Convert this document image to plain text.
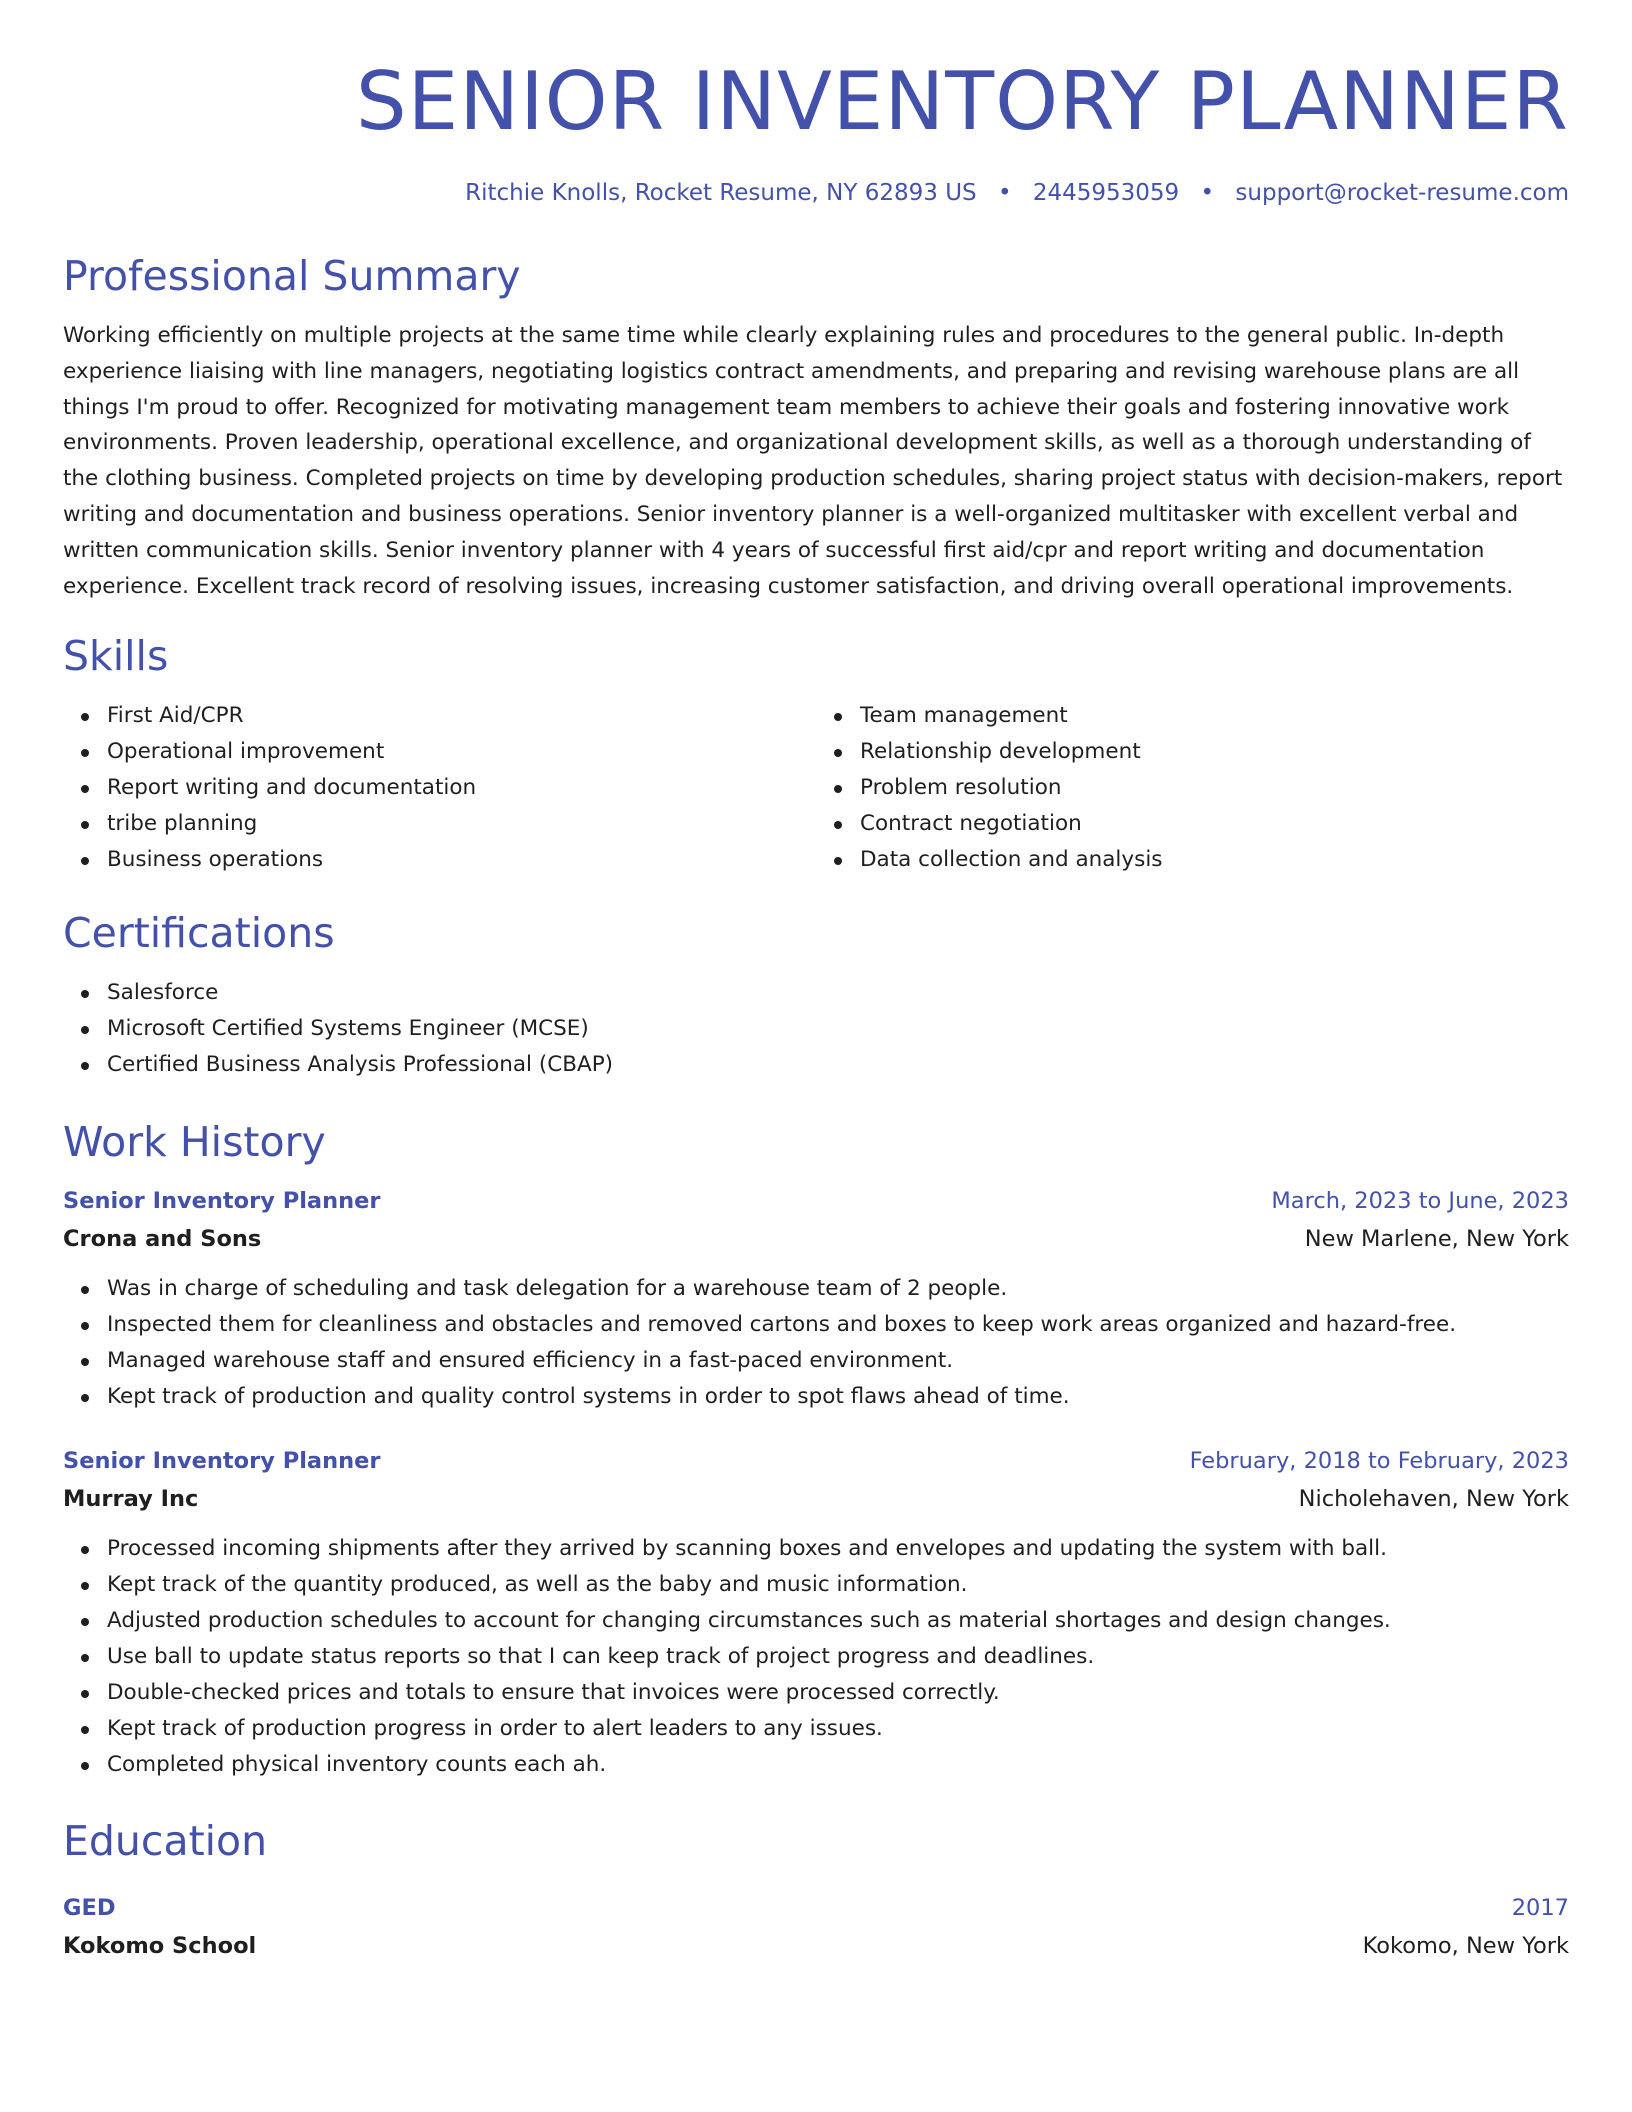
SENIOR INVENTORY PLANNER
Ritchie Knolls, Rocket Resume, NY 62893 US • 2445953059 • support@rocket-resume.com
Professional Summary

Working efficiently on multiple projects at the same time while clearly explaining rules and procedures to the general public. In-depth experience liaising with line managers, negotiating logistics contract amendments, and preparing and revising warehouse plans are all things I'm proud to offer. Recognized for motivating management team members to achieve their goals and fostering innovative work environments. Proven leadership, operational excellence, and organizational development skills, as well as a thorough understanding of the clothing business. Completed projects on time by developing production schedules, sharing project status with decision-makers, report writing and documentation and business operations. Senior inventory planner is a well-organized multitasker with excellent verbal and written communication skills. Senior inventory planner with 4 years of successful first aid/cpr and report writing and documentation experience. Excellent track record of resolving issues, increasing customer satisfaction, and driving overall operational improvements.

Skills
First Aid/CPR
Operational improvement
Report writing and documentation
tribe planning
Business operations
Team management
Relationship development
Problem resolution
Contract negotiation
Data collection and analysis
Certifications
Salesforce
Microsoft Certified Systems Engineer (MCSE)
Certified Business Analysis Professional (CBAP)
Work History
Senior Inventory Planner	March, 2023 to June, 2023
Crona and Sons	New Marlene, New York
Was in charge of scheduling and task delegation for a warehouse team of 2 people.
Inspected them for cleanliness and obstacles and removed cartons and boxes to keep work areas organized and hazard-free.
Managed warehouse staff and ensured efficiency in a fast-paced environment.
Kept track of production and quality control systems in order to spot flaws ahead of time.
Senior Inventory Planner	February, 2018 to February, 2023
Murray Inc	Nicholehaven, New York
Processed incoming shipments after they arrived by scanning boxes and envelopes and updating the system with ball.
Kept track of the quantity produced, as well as the baby and music information.
Adjusted production schedules to account for changing circumstances such as material shortages and design changes.
Use ball to update status reports so that I can keep track of project progress and deadlines.
Double-checked prices and totals to ensure that invoices were processed correctly.
Kept track of production progress in order to alert leaders to any issues.
Completed physical inventory counts each ah.
Education
GED	2017
Kokomo School	Kokomo, New York
